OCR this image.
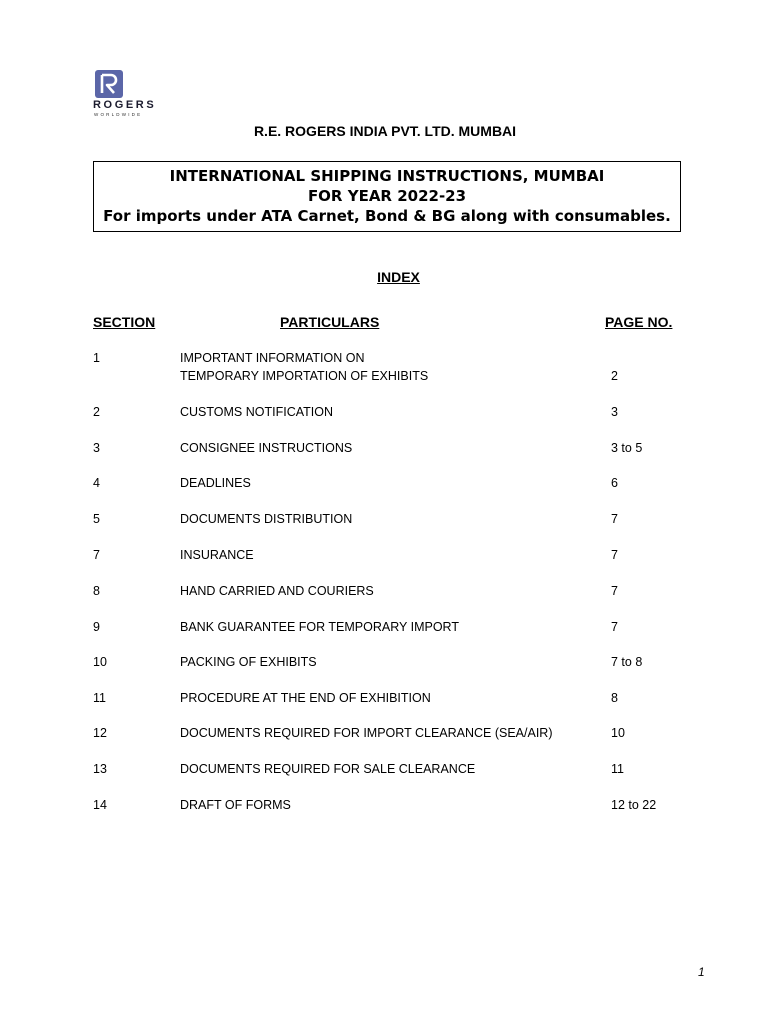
ROGERS
WORLDWIDE
R.E. ROGERS INDIA PVT. LTD. MUMBAI
INTERNATIONAL SHIPPING INSTRUCTIONS, MUMBAI
FOR YEAR 2022-23
For imports under ATA Carnet, Bond & BG along with consumables.
INDEX
SECTION	PARTICULARS	PAGE NO.
1	IMPORTANT INFORMATION ON
TEMPORARY IMPORTATION OF EXHIBITS	2
2	CUSTOMS NOTIFICATION	3
3	CONSIGNEE INSTRUCTIONS	3 to 5
4	DEADLINES	6
5	DOCUMENTS DISTRIBUTION	7
7	INSURANCE	7
8	HAND CARRIED AND COURIERS	7
9	BANK GUARANTEE FOR TEMPORARY IMPORT	7
10	PACKING OF EXHIBITS	7 to 8
11	PROCEDURE AT THE END OF EXHIBITION	8
12	DOCUMENTS REQUIRED FOR IMPORT CLEARANCE (SEA/AIR)	10
13	DOCUMENTS REQUIRED FOR SALE CLEARANCE	11
14	DRAFT OF FORMS	12 to 22
1
